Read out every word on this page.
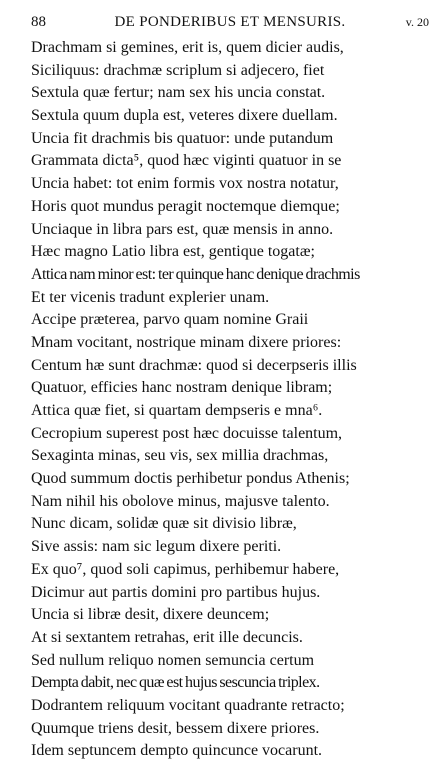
88	DE PONDERIBUS ET MENSURIS.	v. 20
Drachmam si gemines, erit is, quem dicier audis,
Siciliquus: drachmæ scriplum si adjecero, fiet
Sextula quæ fertur; nam sex his uncia constat.
Sextula quum dupla est, veteres dixere duellam.
Uncia fit drachmis bis quatuor: unde putandum
Grammata dicta⁵, quod hæc viginti quatuor in se
Uncia habet: tot enim formis vox nostra notatur,
Horis quot mundus peragit noctemque diemque;
Unciaque in libra pars est, quæ mensis in anno.
Hæc magno Latio libra est, gentique togatæ;
Attica nam minor est: ter quinque hanc denique drachmis
Et ter vicenis tradunt explerier unam.
Accipe præterea, parvo quam nomine Graii
Mnam vocitant, nostrique minam dixere priores:
Centum hæ sunt drachmæ: quod si decerpseris illis
Quatuor, efficies hanc nostram denique libram;
Attica quæ fiet, si quartam dempseris e mna⁶.
Cecropium superest post hæc docuisse talentum,
Sexaginta minas, seu vis, sex millia drachmas,
Quod summum doctis perhibetur pondus Athenis;
Nam nihil his obolove minus, majusve talento.
Nunc dicam, solidæ quæ sit divisio libræ,
Sive assis: nam sic legum dixere periti.
Ex quo⁷, quod soli capimus, perhibemur habere,
Dicimur aut partis domini pro partibus hujus.
Uncia si libræ desit, dixere deuncem;
At si sextantem retrahas, erit ille decuncis.
Sed nullum reliquo nomen semuncia certum
Dempta dabit, nec quæ est hujus sescuncia triplex.
Dodrantem reliquum vocitant quadrante retracto;
Quumque triens desit, bessem dixere priores.
Idem septuncem dempto quincunce vocarunt.
